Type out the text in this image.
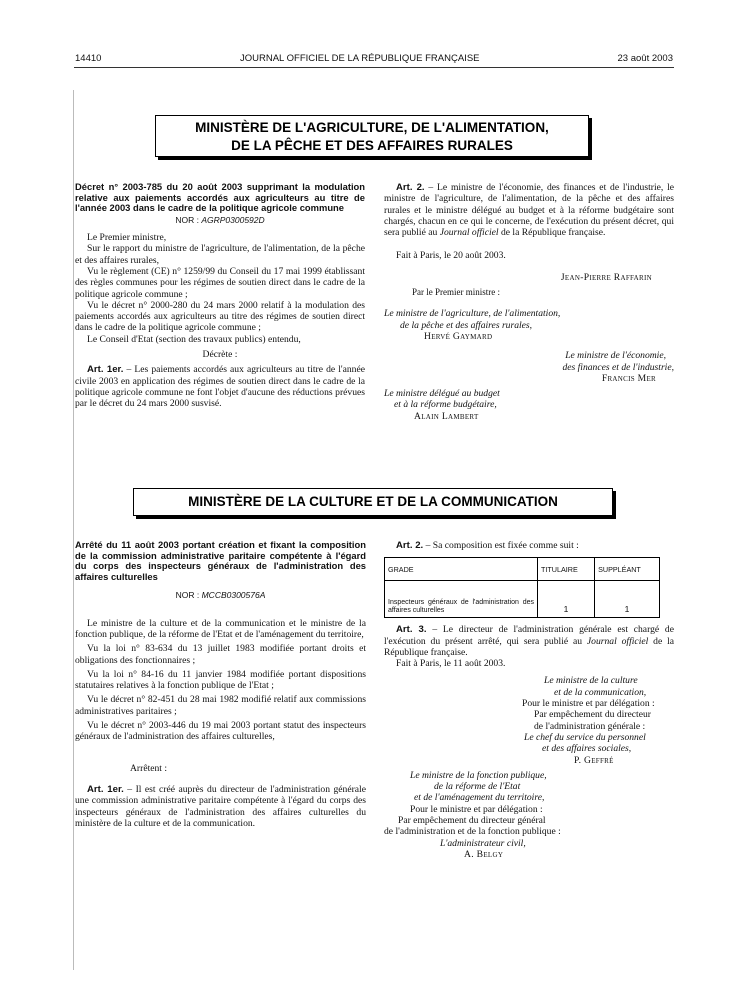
14410	JOURNAL OFFICIEL DE LA RÉPUBLIQUE FRANÇAISE	23 août 2003
MINISTÈRE DE L'AGRICULTURE, DE L'ALIMENTATION,
DE LA PÊCHE ET DES AFFAIRES RURALES

Décret n° 2003-785 du 20 août 2003 supprimant la modulation relative aux paiements accordés aux agriculteurs au titre de l'année 2003 dans le cadre de la politique agricole commune

NOR : AGRP0300592D

Le Premier ministre,

Sur le rapport du ministre de l'agriculture, de l'alimentation, de la pêche et des affaires rurales,

Vu le règlement (CE) n° 1259/99 du Conseil du 17 mai 1999 établissant des règles communes pour les régimes de soutien direct dans le cadre de la politique agricole commune ;

Vu le décret n° 2000-280 du 24 mars 2000 relatif à la modulation des paiements accordés aux agriculteurs au titre des régimes de soutien direct dans le cadre de la politique agricole commune ;

Le Conseil d'Etat (section des travaux publics) entendu,

Décrète :

Art. 1er. – Les paiements accordés aux agriculteurs au titre de l'année civile 2003 en application des régimes de soutien direct dans le cadre de la politique agricole commune ne font l'objet d'aucune des réductions prévues par le décret du 24 mars 2000 susvisé.

Art. 2. – Le ministre de l'économie, des finances et de l'industrie, le ministre de l'agriculture, de l'alimentation, de la pêche et des affaires rurales et le ministre délégué au budget et à la réforme budgétaire sont chargés, chacun en ce qui le concerne, de l'exécution du présent décret, qui sera publié au Journal officiel de la République française.

Fait à Paris, le 20 août 2003.

Jean-Pierre Raffarin

Par le Premier ministre :

Le ministre de l'agriculture, de l'alimentation,

de la pêche et des affaires rurales,

Hervé Gaymard

Le ministre de l'économie,

des finances et de l'industrie,

Francis Mer

Le ministre délégué au budget

et à la réforme budgétaire,

Alain Lambert

MINISTÈRE DE LA CULTURE ET DE LA COMMUNICATION

Arrêté du 11 août 2003 portant création et fixant la composition de la commission administrative paritaire compétente à l'égard du corps des inspecteurs généraux de l'administration des affaires culturelles

NOR : MCCB0300576A

Le ministre de la culture et de la communication et le ministre de la fonction publique, de la réforme de l'Etat et de l'aménagement du territoire,

Vu la loi n° 83-634 du 13 juillet 1983 modifiée portant droits et obligations des fonctionnaires ;

Vu la loi n° 84-16 du 11 janvier 1984 modifiée portant dispositions statutaires relatives à la fonction publique de l'Etat ;

Vu le décret n° 82-451 du 28 mai 1982 modifié relatif aux commissions administratives paritaires ;

Vu le décret n° 2003-446 du 19 mai 2003 portant statut des inspecteurs généraux de l'administration des affaires culturelles,

Arrêtent :

Art. 1er. – Il est créé auprès du directeur de l'administration générale une commission administrative paritaire compétente à l'égard du corps des inspecteurs généraux de l'administration des affaires culturelles du ministère de la culture et de la communication.

Art. 2. – Sa composition est fixée comme suit :

GRADE	TITULAIRE	SUPPLÉANT
Inspecteurs généraux de l'administration des affaires culturelles	1	1

Art. 3. – Le directeur de l'administration générale est chargé de l'exécution du présent arrêté, qui sera publié au Journal officiel de la République française.

Fait à Paris, le 11 août 2003.

Le ministre de la culture

et de la communication,

Pour le ministre et par délégation :

Par empêchement du directeur

de l'administration générale :

Le chef du service du personnel

et des affaires sociales,

P. Geffré

Le ministre de la fonction publique,

de la réforme de l'Etat

et de l'aménagement du territoire,

Pour le ministre et par délégation :

Par empêchement du directeur général

de l'administration et de la fonction publique :

L'administrateur civil,

A. Belgy
